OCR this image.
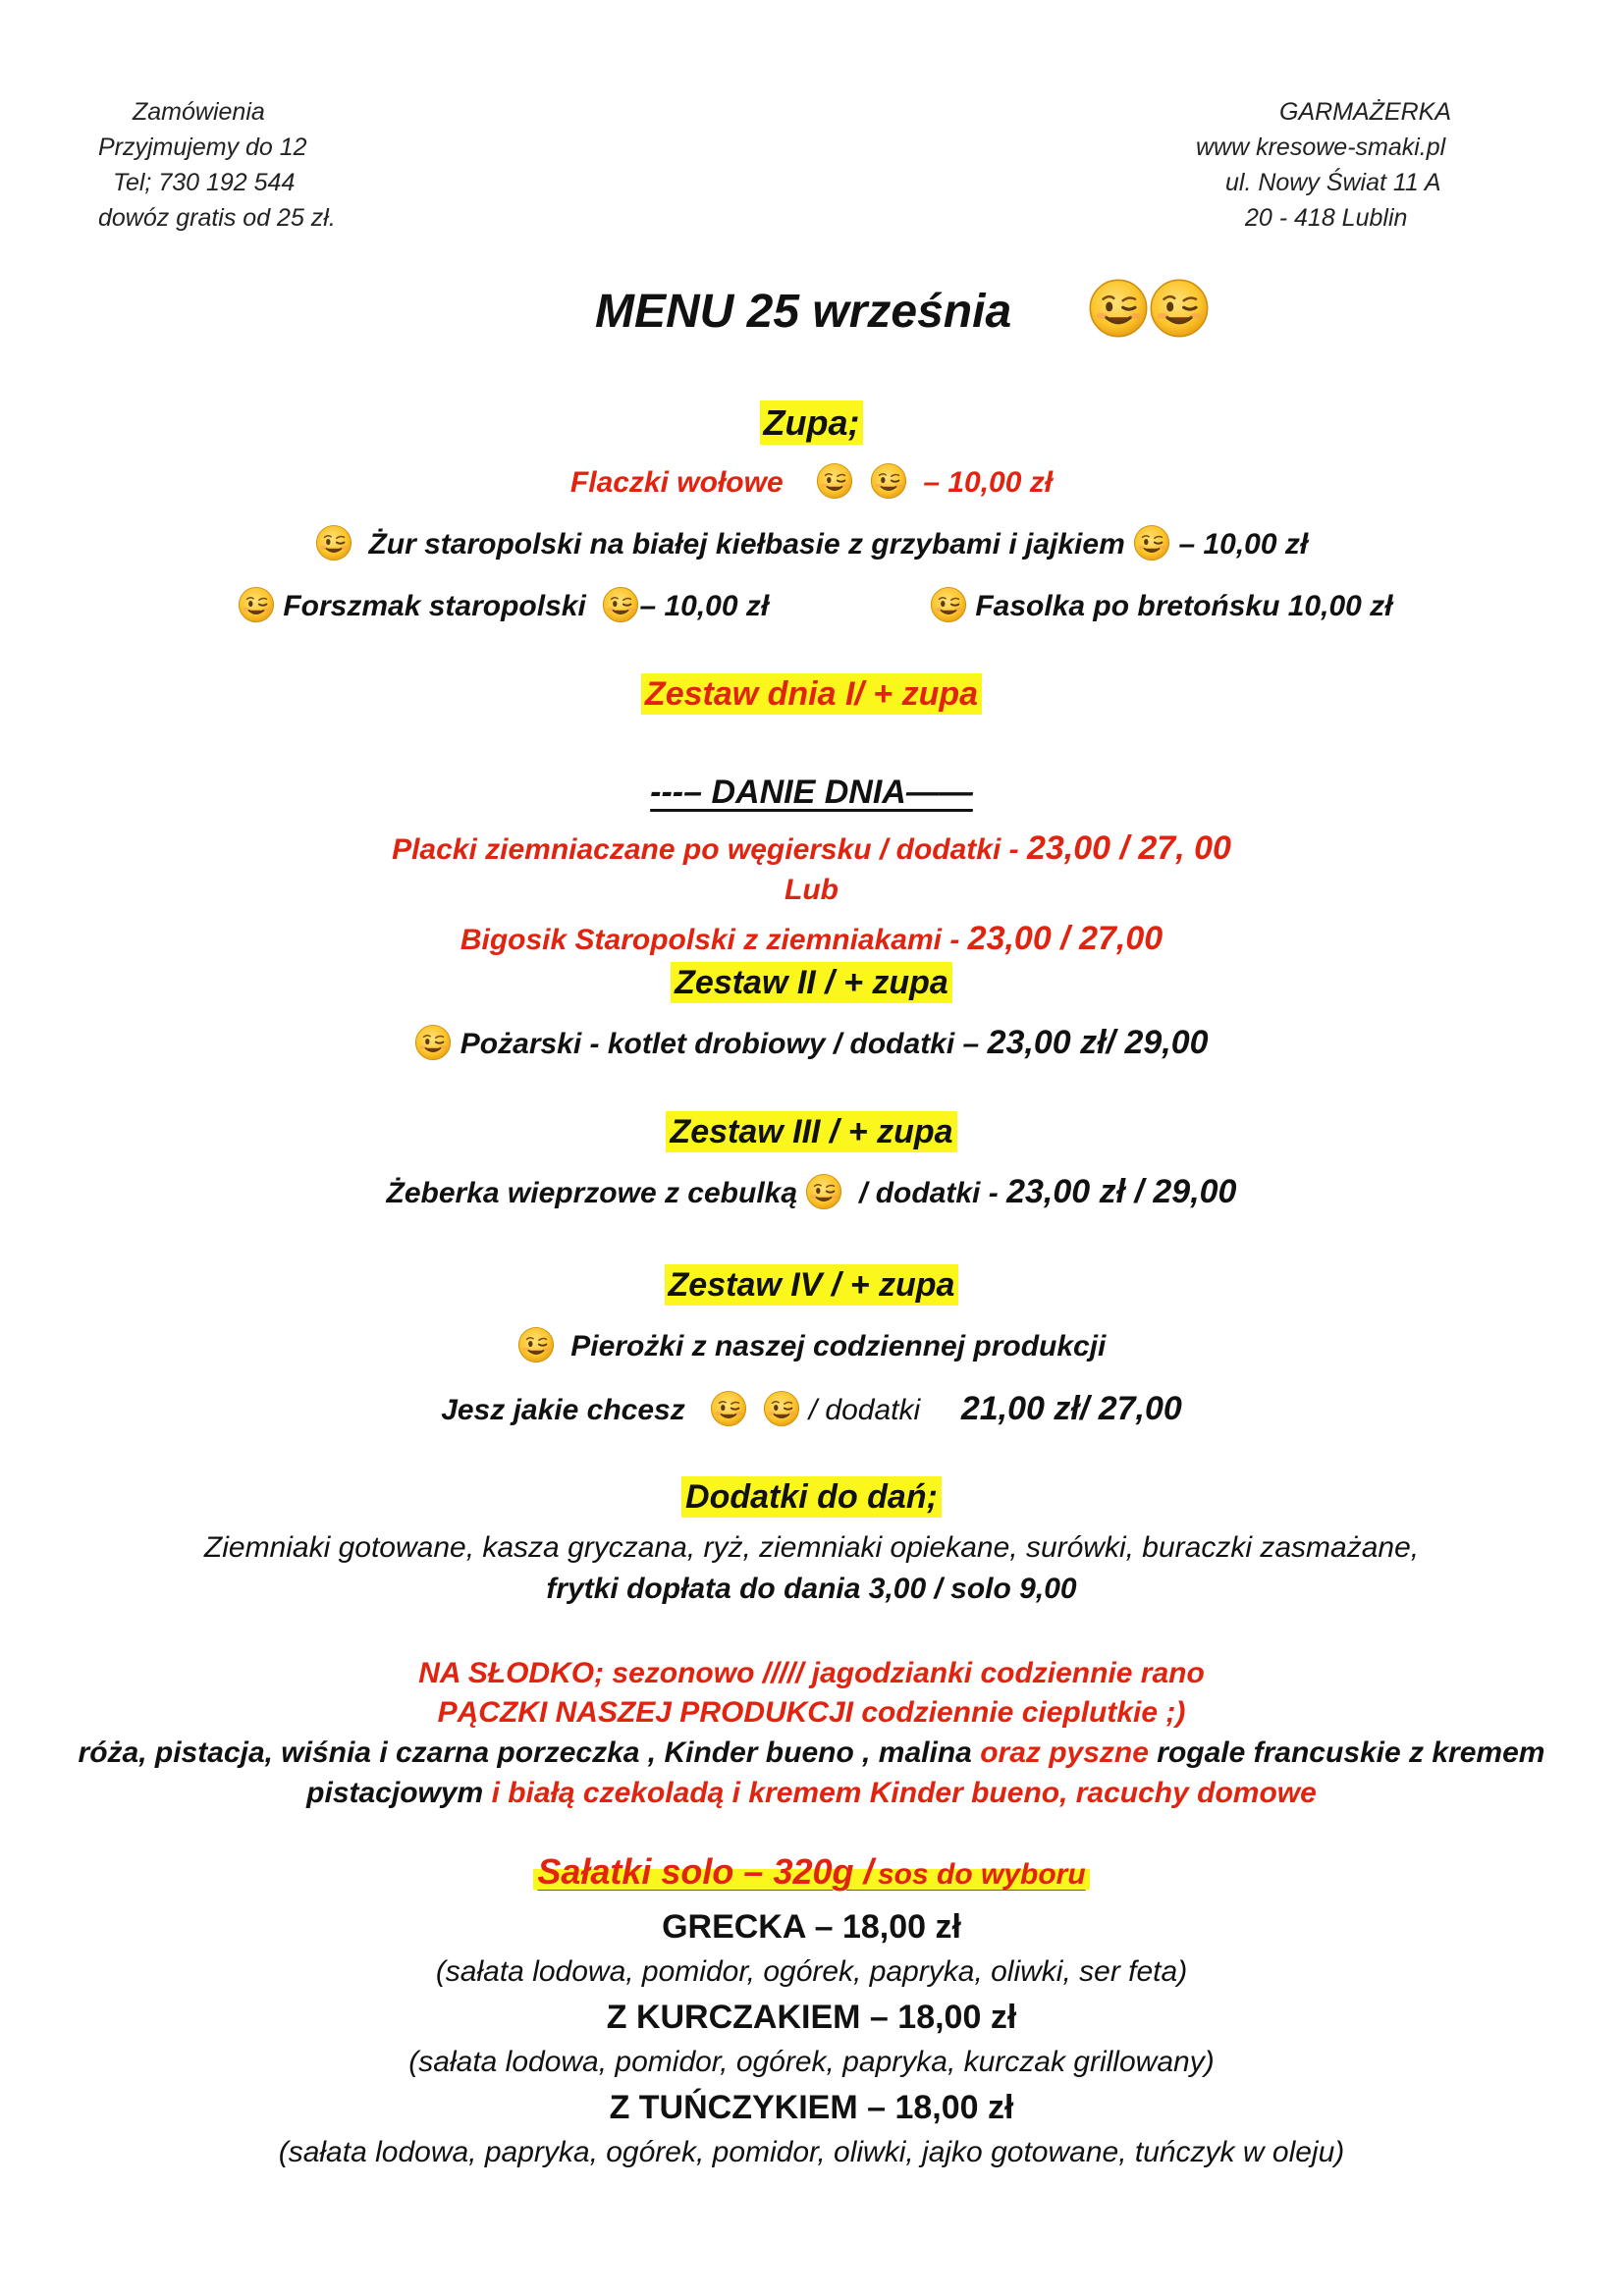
Zamówienia
Przyjmujemy do 12
Tel; 730 192 544
dowóz gratis od 25 zł.
GARMAŻERKA
www kresowe-smaki.pl
ul. Nowy Świat 11 A
20 - 418 Lublin
MENU 25 września
Zupa;
Flaczki wołowe	– 10,00 zł
Żur staropolski na białej kiełbasie z grzybami i jajkiem – 10,00 zł
Forszmak staropolski – 10,00 zł	Fasolka po bretońsku 10,00 zł
Zestaw dnia I/ + zupa
---– DANIE DNIA——
Placki ziemniaczane po węgiersku / dodatki - 23,00 / 27, 00
Lub
Bigosik Staropolski z ziemniakami - 23,00 / 27,00
Zestaw II / + zupa
Pożarski - kotlet drobiowy / dodatki – 23,00 zł/ 29,00
Zestaw III / + zupa
Żeberka wieprzowe z cebulką / dodatki - 23,00 zł / 29,00
Zestaw IV / + zupa
Pierożki z naszej codziennej produkcji
Jesz jakie chcesz	/ dodatki 21,00 zł/ 27,00
Dodatki do dań;
Ziemniaki gotowane, kasza gryczana, ryż, ziemniaki opiekane, surówki, buraczki zasmażane,
frytki dopłata do dania 3,00 / solo 9,00
NA SŁODKO; sezonowo ///// jagodzianki codziennie rano
PĄCZKI NASZEJ PRODUKCJI codziennie cieplutkie ;)
róża, pistacja, wiśnia i czarna porzeczka , Kinder bueno , malina oraz pyszne rogale francuskie z kremem
pistacjowym i białą czekoladą i kremem Kinder bueno, racuchy domowe
Sałatki solo – 320g / sos do wyboru
GRECKA – 18,00 zł
(sałata lodowa, pomidor, ogórek, papryka, oliwki, ser feta)
Z KURCZAKIEM – 18,00 zł
(sałata lodowa, pomidor, ogórek, papryka, kurczak grillowany)
Z TUŃCZYKIEM – 18,00 zł
(sałata lodowa, papryka, ogórek, pomidor, oliwki, jajko gotowane, tuńczyk w oleju)
